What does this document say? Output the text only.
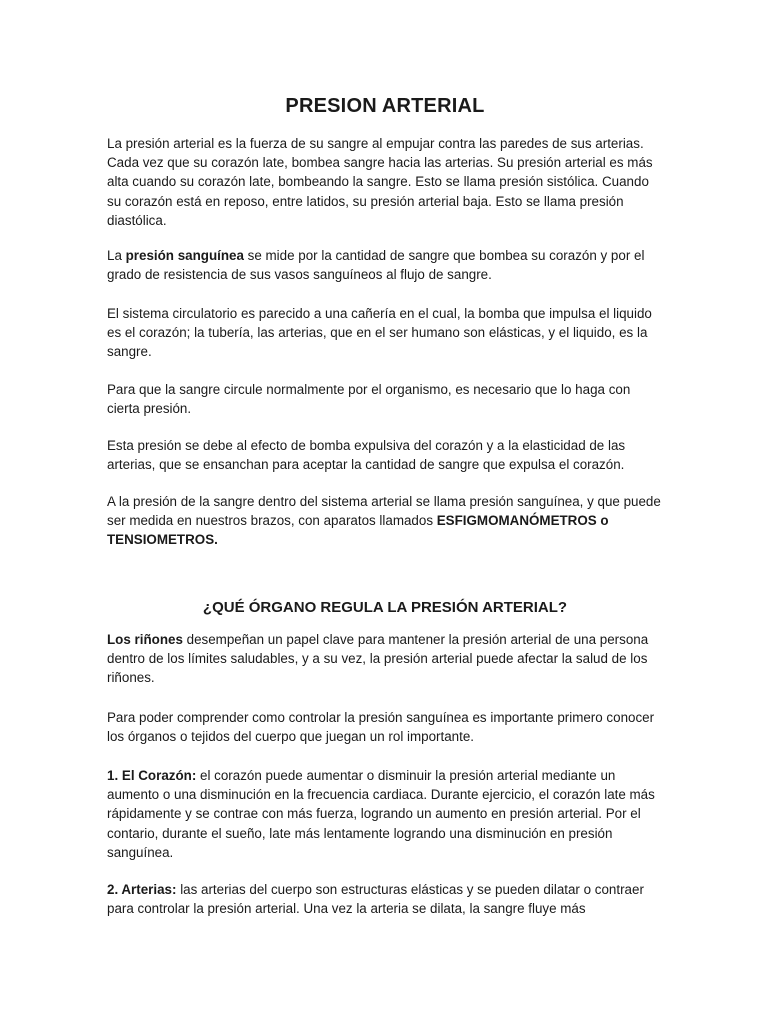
PRESION ARTERIAL

La presión arterial es la fuerza de su sangre al empujar contra las paredes de sus arterias. Cada vez que su corazón late, bombea sangre hacia las arterias. Su presión arterial es más alta cuando su corazón late, bombeando la sangre. Esto se llama presión sistólica. Cuando su corazón está en reposo, entre latidos, su presión arterial baja. Esto se llama presión diastólica.

La presión sanguínea se mide por la cantidad de sangre que bombea su corazón y por el grado de resistencia de sus vasos sanguíneos al flujo de sangre.

El sistema circulatorio es parecido a una cañería en el cual, la bomba que impulsa el liquido es el corazón; la tubería, las arterias, que en el ser humano son elásticas, y el liquido, es la sangre.

Para que la sangre circule normalmente por el organismo, es necesario que lo haga con cierta presión.

Esta presión se debe al efecto de bomba expulsiva del corazón y a la elasticidad de las arterias, que se ensanchan para aceptar la cantidad de sangre que expulsa el corazón.

A la presión de la sangre dentro del sistema arterial se llama presión sanguínea, y que puede ser medida en nuestros brazos, con aparatos llamados ESFIGMOMANÓMETROS o TENSIOMETROS.

¿QUÉ ÓRGANO REGULA LA PRESIÓN ARTERIAL?

Los riñones desempeñan un papel clave para mantener la presión arterial de una persona dentro de los límites saludables, y a su vez, la presión arterial puede afectar la salud de los riñones.

Para poder comprender como controlar la presión sanguínea es importante primero conocer los órganos o tejidos del cuerpo que juegan un rol importante.

1. El Corazón: el corazón puede aumentar o disminuir la presión arterial mediante un aumento o una disminución en la frecuencia cardiaca. Durante ejercicio, el corazón late más rápidamente y se contrae con más fuerza, logrando un aumento en presión arterial. Por el contario, durante el sueño, late más lentamente logrando una disminución en presión sanguínea.

2. Arterias: las arterias del cuerpo son estructuras elásticas y se pueden dilatar o contraer para controlar la presión arterial. Una vez la arteria se dilata, la sangre fluye más
